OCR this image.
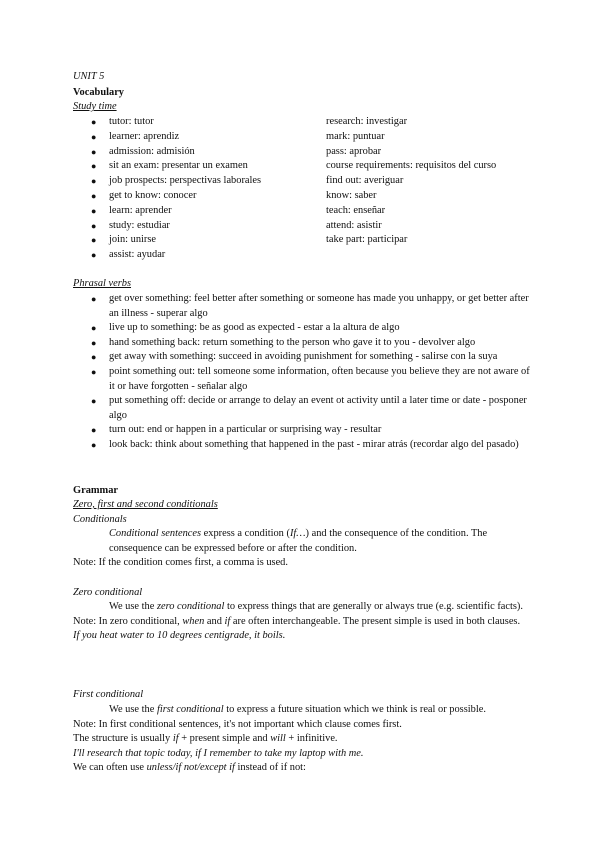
UNIT 5
Vocabulary
Study time
● tutor: tutor
● learner: aprendiz
● admission: admisión
● sit an exam: presentar un examen
● job prospects: perspectivas laborales
● get to know: conocer
● learn: aprender
● study: estudiar
● join: unirse
● assist: ayudar
research: investigar
mark: puntuar
pass: aprobar
course requirements: requisitos del curso
find out: averiguar
know: saber
teach: enseñar
attend: asistir
take part: participar
Phrasal verbs
● get over something: feel better after something or someone has made you unhappy, or get better after an illness - superar algo
● live up to something: be as good as expected - estar a la altura de algo
● hand something back: return something to the person who gave it to you - devolver algo
● get away with something: succeed in avoiding punishment for something - salirse con la suya
● point something out: tell someone some information, often because you believe they are not aware of it or have forgotten - señalar algo
● put something off: decide or arrange to delay an event ot activity until a later time or date - posponer algo
● turn out: end or happen in a particular or surprising way - resultar
● look back: think about something that happened in the past - mirar atrás (recordar algo del pasado)
Grammar
Zero, first and second conditionals
Conditionals

Conditional sentences express a condition (If…) and the consequence of the condition. The consequence can be expressed before or after the condition.

Note: If the condition comes first, a comma is used.

Zero conditional

We use the zero conditional to express things that are generally or always true (e.g. scientific facts).

Note: In zero conditional, when and if are often interchangeable. The present simple is used in both clauses.

If you heat water to 10 degrees centigrade, it boils.

First conditional

We use the first conditional to express a future situation which we think is real or possible.

Note: In first conditional sentences, it's not important which clause comes first.

The structure is usually if + present simple and will + infinitive.

I'll research that topic today, if I remember to take my laptop with me.

We can often use unless/if not/except if instead of if not:
